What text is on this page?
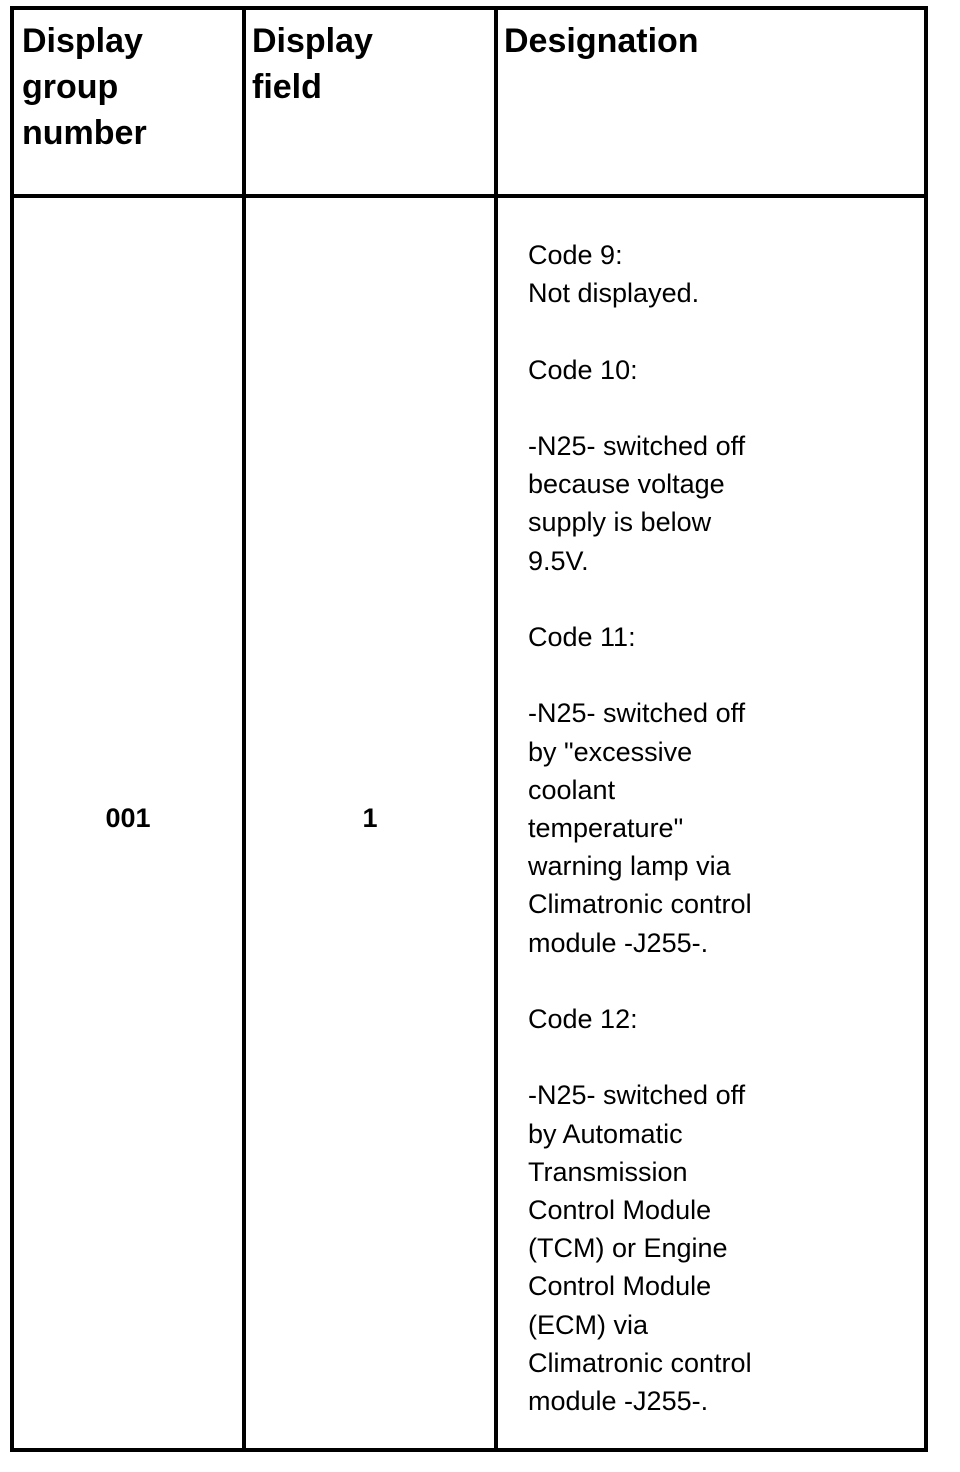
Display
group
number
Display
field
Designation
001	1
Code 9:
Not displayed.

Code 10:

-N25- switched off
because voltage
supply is below
9.5V.

Code 11:

-N25- switched off
by "excessive
coolant
temperature"
warning lamp via
Climatronic control
module -J255-.

Code 12:

-N25- switched off
by Automatic
Transmission
Control Module
(TCM) or Engine
Control Module
(ECM) via
Climatronic control
module -J255-.
